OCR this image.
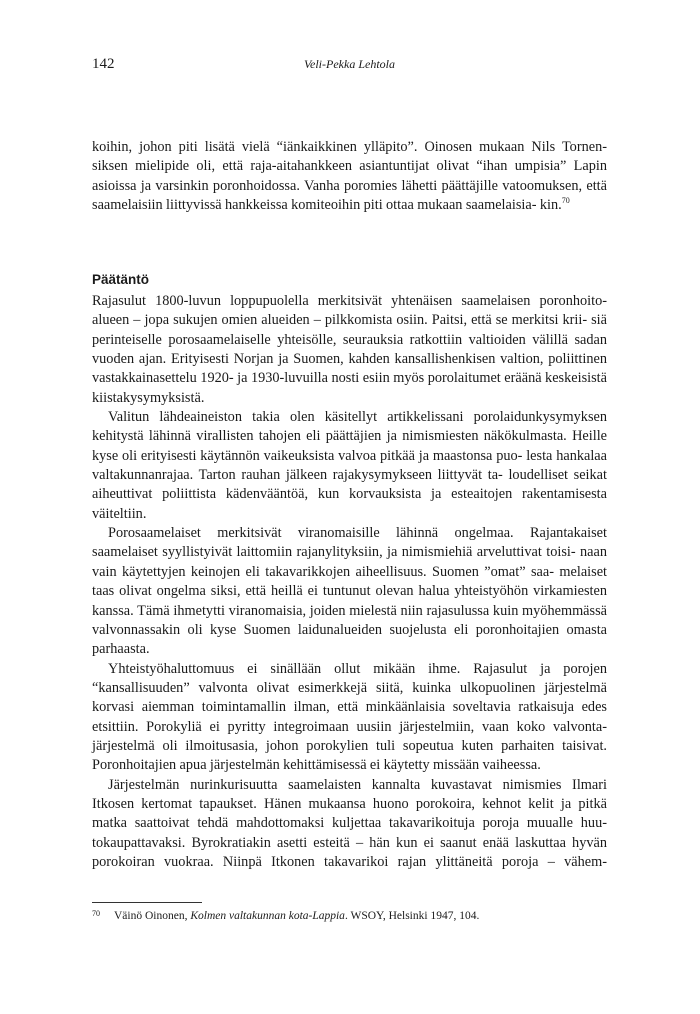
142	Veli-Pekka Lehtola

koihin, johon piti lisätä vielä “iänkaikkinen ylläpito”. Oinosen mukaan Nils Tornen- siksen mielipide oli, että raja-aitahankkeen asiantuntijat olivat “ihan umpisia” Lapin asioissa ja varsinkin poronhoidossa. Vanha poromies lähetti päättäjille vatoomuksen, että saamelaisiin liittyvissä hankkeissa komiteoihin piti ottaa mukaan saamelaisia- kin.$^{70}$

Päätäntö

Rajasulut 1800-luvun loppupuolella merkitsivät yhtenäisen saamelaisen poronhoito- alueen – jopa sukujen omien alueiden – pilkkomista osiin. Paitsi, että se merkitsi krii- siä perinteiselle porosaamelaiselle yhteisölle, seurauksia ratkottiin valtioiden välillä sadan vuoden ajan. Erityisesti Norjan ja Suomen, kahden kansallishenkisen valtion, poliittinen vastakkainasettelu 1920- ja 1930-luvuilla nosti esiin myös porolaitumet eräänä keskeisistä kiistakysymyksistä.

Valitun lähdeaineiston takia olen käsitellyt artikkelissani porolaidunkysymyksen kehitystä lähinnä virallisten tahojen eli päättäjien ja nimismiesten näkökulmasta. Heille kyse oli erityisesti käytännön vaikeuksista valvoa pitkää ja maastonsa puo- lesta hankalaa valtakunnanrajaa. Tarton rauhan jälkeen rajakysymykseen liittyvät ta- loudelliset seikat aiheuttivat poliittista kädenvääntöä, kun korvauksista ja esteaitojen rakentamisesta väiteltiin.

Porosaamelaiset merkitsivät viranomaisille lähinnä ongelmaa. Rajantakaiset saamelaiset syyllistyivät laittomiin rajanylityksiin, ja nimismiehiä arveluttivat toisi- naan vain käytettyjen keinojen eli takavarikkojen aiheellisuus. Suomen ”omat” saa- melaiset taas olivat ongelma siksi, että heillä ei tuntunut olevan halua yhteistyöhön virkamiesten kanssa. Tämä ihmetytti viranomaisia, joiden mielestä niin rajasulussa kuin myöhemmässä valvonnassakin oli kyse Suomen laidunalueiden suojelusta eli poronhoitajien omasta parhaasta.

Yhteistyöhaluttomuus ei sinällään ollut mikään ihme. Rajasulut ja porojen “kansallisuuden” valvonta olivat esimerkkejä siitä, kuinka ulkopuolinen järjestelmä korvasi aiemman toimintamallin ilman, että minkäänlaisia soveltavia ratkaisuja edes etsittiin. Porokyliä ei pyritty integroimaan uusiin järjestelmiin, vaan koko valvonta- järjestelmä oli ilmoitusasia, johon porokylien tuli sopeutua kuten parhaiten taisivat. Poronhoitajien apua järjestelmän kehittämisessä ei käytetty missään vaiheessa.

Järjestelmän nurinkurisuutta saamelaisten kannalta kuvastavat nimismies Ilmari Itkosen kertomat tapaukset. Hänen mukaansa huono porokoira, kehnot kelit ja pitkä matka saattoivat tehdä mahdottomaksi kuljettaa takavarikoituja poroja muualle huu- tokaupattavaksi. Byrokratiakin asetti esteitä – hän kun ei saanut enää laskuttaa hyvän porokoiran vuokraa. Niinpä Itkonen takavarikoi rajan ylittäneitä poroja – vähem-

70 Väinö Oinonen, Kolmen valtakunnan kota-Lappia. WSOY, Helsinki 1947, 104.
